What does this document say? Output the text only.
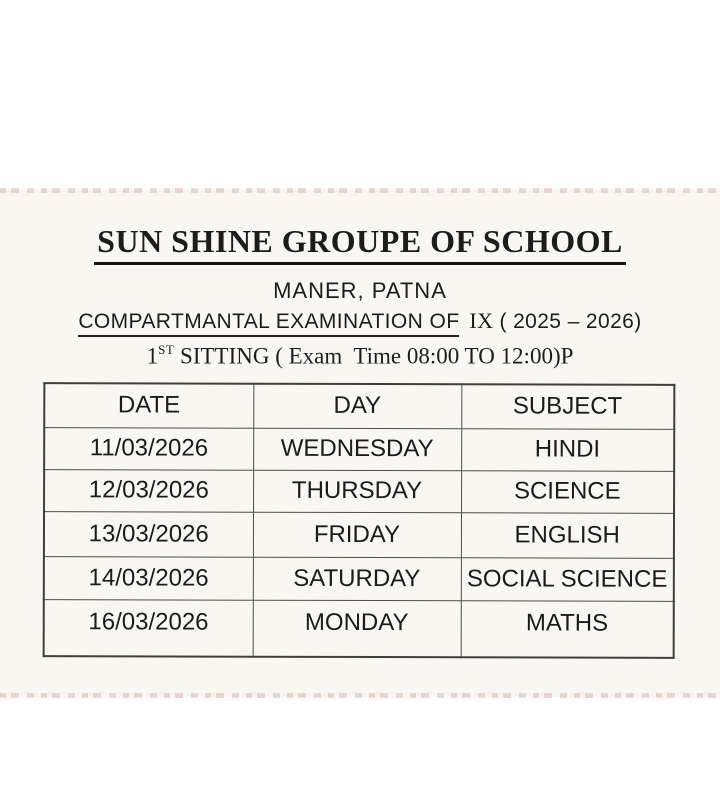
SUN SHINE GROUPE OF SCHOOL
MANER, PATNA
COMPARTMANTAL EXAMINATION OF IX ( 2025 – 2026)
1ST SITTING ( Exam  Time 08:00 TO 12:00)P
DATE	DAY	SUBJECT
11/03/2026	WEDNESDAY	HINDI
12/03/2026	THURSDAY	SCIENCE
13/03/2026	FRIDAY	ENGLISH
14/03/2026	SATURDAY	SOCIAL SCIENCE
16/03/2026	MONDAY	MATHS
